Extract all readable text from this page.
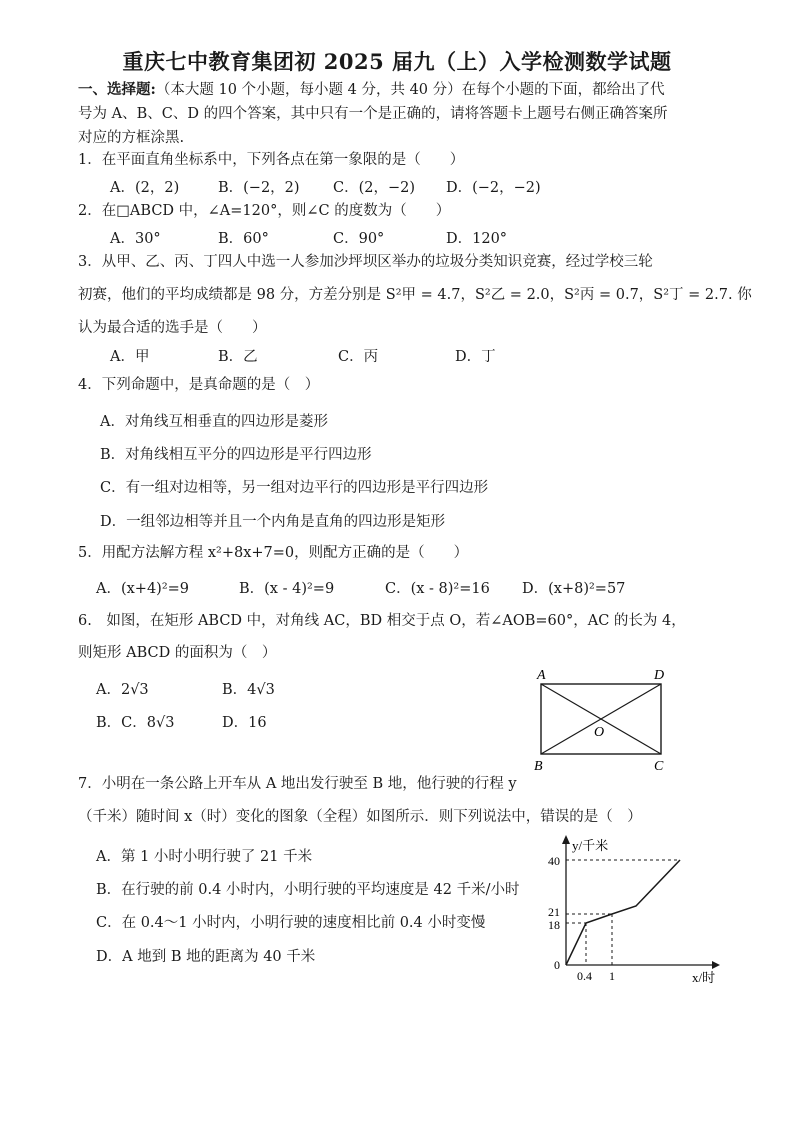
重庆七中教育集团初 2025 届九（上）入学检测数学试题
一、选择题:（本大题 10 个小题，每小题 4 分，共 40 分）在每个小题的下面，都给出了代
号为 A、B、C、D 的四个答案，其中只有一个是正确的，请将答题卡上题号右侧正确答案所
对应的方框涂黑.
1．在平面直角坐标系中，下列各点在第一象限的是（　　）
A．(2，2)	B．(−2，2) C．(2，−2) D．(−2，−2)
2．在□ABCD 中，∠A=120°，则∠C 的度数为（　　）
A．30°	B．60°	C．90°	D．120°
3．从甲、乙、丙、丁四人中选一人参加沙坪坝区举办的垃圾分类知识竞赛，经过学校三轮
初赛，他们的平均成绩都是 98 分，方差分别是 S²甲 = 4.7，S²乙 = 2.0，S²丙 = 0.7，S²丁 = 2.7. 你
认为最合适的选手是（　　）
A．甲	B．乙	C．丙	D．丁
4．下列命题中，是真命题的是（　）
A．对角线互相垂直的四边形是菱形
B．对角线相互平分的四边形是平行四边形
C．有一组对边相等，另一组对边平行的四边形是平行四边形
D．一组邻边相等并且一个内角是直角的四边形是矩形
5．用配方法解方程 x²+8x+7=0，则配方正确的是（　　）
A．(x+4)²=9	B．(x - 4)²=9	C．(x - 8)²=16 D．(x+8)²=57
6.　如图，在矩形 ABCD 中，对角线 AC，BD 相交于点 O，若∠AOB=60°，AC 的长为 4，
则矩形 ABCD 的面积为（　）
A．2√3	B．4√3
B．C．8√3	D．16
A	D
B	C
O
7．小明在一条公路上开车从 A 地出发行驶至 B 地，他行驶的行程 y
（千米）随时间 x（时）变化的图象（全程）如图所示．则下列说法中，错误的是（　）
A．第 1 小时小明行驶了 21 千米
B．在行驶的前 0.4 小时内，小明行驶的平均速度是 42 千米/小时
C．在 0.4～1 小时内，小明行驶的速度相比前 0.4 小时变慢
D．A 地到 B 地的距离为 40 千米
y/千米
x/时
40
21
18
0
0.4 1
